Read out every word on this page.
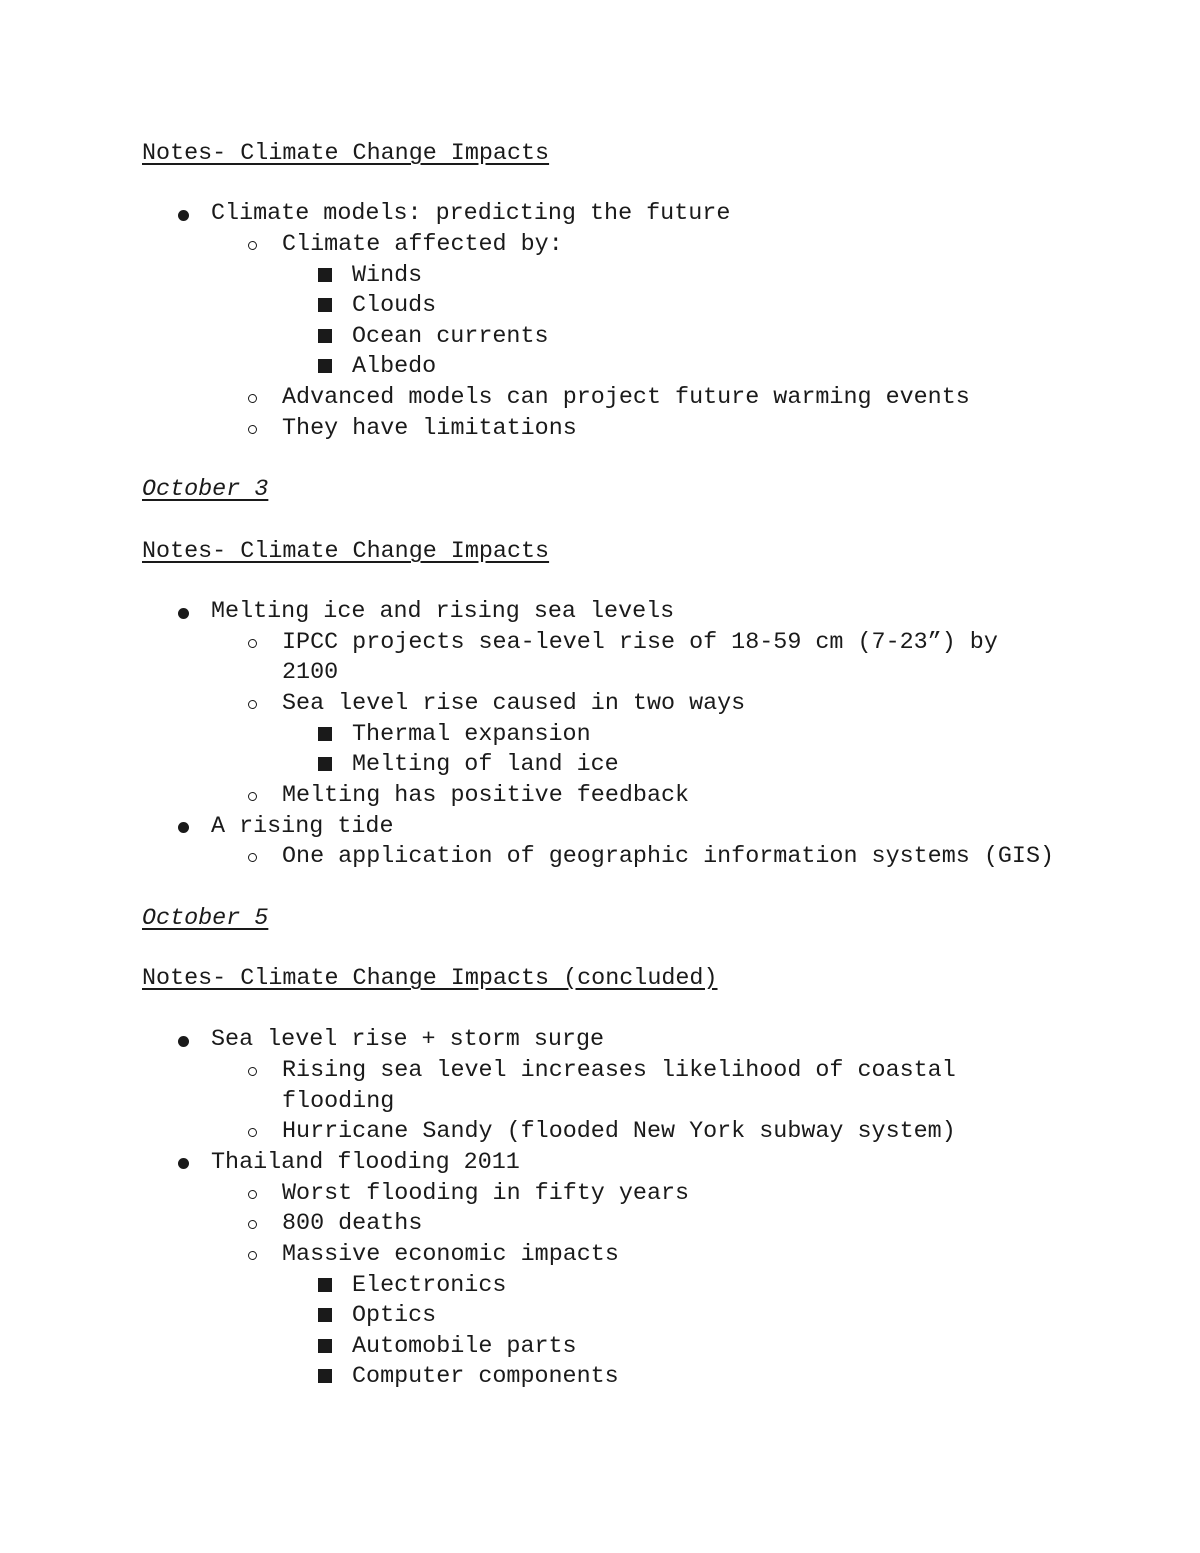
Notes- Climate Change Impacts
Climate models: predicting the future
Climate affected by:
Winds
Clouds
Ocean currents
Albedo
Advanced models can project future warming events
They have limitations
October 3
Notes- Climate Change Impacts
Melting ice and rising sea levels
IPCC projects sea-level rise of 18-59 cm (7-23”) by
2100
Sea level rise caused in two ways
Thermal expansion
Melting of land ice
Melting has positive feedback
A rising tide
One application of geographic information systems (GIS)
October 5
Notes- Climate Change Impacts (concluded)
Sea level rise + storm surge
Rising sea level increases likelihood of coastal
flooding
Hurricane Sandy (flooded New York subway system)
Thailand flooding 2011
Worst flooding in fifty years
800 deaths
Massive economic impacts
Electronics
Optics
Automobile parts
Computer components
